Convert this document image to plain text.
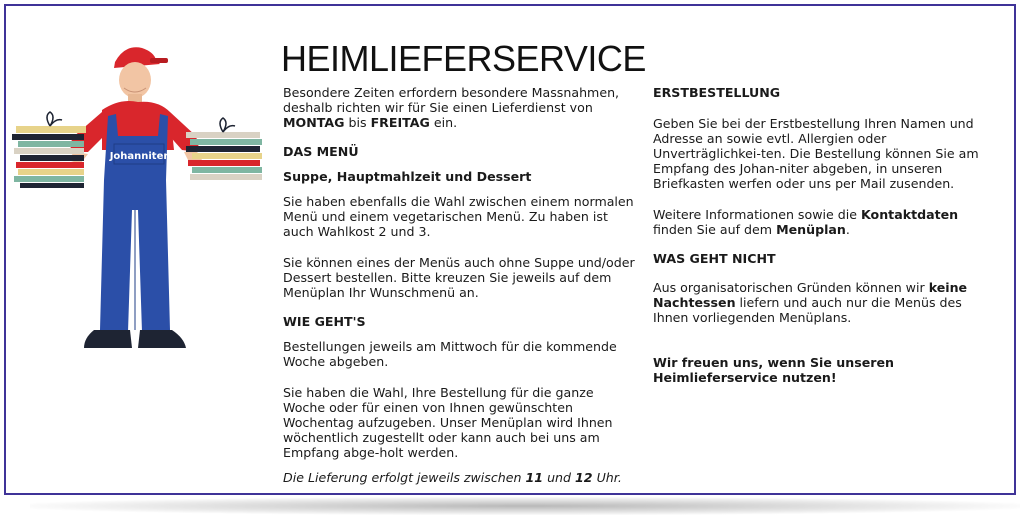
Johanniter
HEIMLIEFERSERVICE

Besondere Zeiten erfordern besondere Massnahmen, deshalb richten wir für Sie einen Lieferdienst von MONTAG bis FREITAG ein.

DAS MENÜ

Suppe, Hauptmahlzeit und Dessert

Sie haben ebenfalls die Wahl zwischen einem normalen Menü und einem vegetarischen Menü. Zu haben ist auch Wahlkost 2 und 3.

Sie können eines der Menüs auch ohne Suppe und/oder Dessert bestellen. Bitte kreuzen Sie jeweils auf dem Menüplan Ihr Wunschmenü an.

WIE GEHT'S

Bestellungen jeweils am Mittwoch für die kommende Woche abgeben.

Sie haben die Wahl, Ihre Bestellung für die ganze Woche oder für einen von Ihnen gewünschten Wochentag aufzugeben. Unser Menüplan wird Ihnen wöchentlich zugestellt oder kann auch bei uns am Empfang abge-holt werden.

Die Lieferung erfolgt jeweils zwischen 11 und 12 Uhr.

ERSTBESTELLUNG

Geben Sie bei der Erstbestellung Ihren Namen und Adresse an sowie evtl. Allergien oder Unverträglichkei-ten. Die Bestellung können Sie am Empfang des Johan-niter abgeben, in unseren Briefkasten werfen oder uns per Mail zusenden.

Weitere Informationen sowie die Kontaktdaten finden Sie auf dem Menüplan.

WAS GEHT NICHT

Aus organisatorischen Gründen können wir keine Nachtessen liefern und auch nur die Menüs des Ihnen vorliegenden Menüplans.

Wir freuen uns, wenn Sie unseren Heimlieferservice nutzen!
